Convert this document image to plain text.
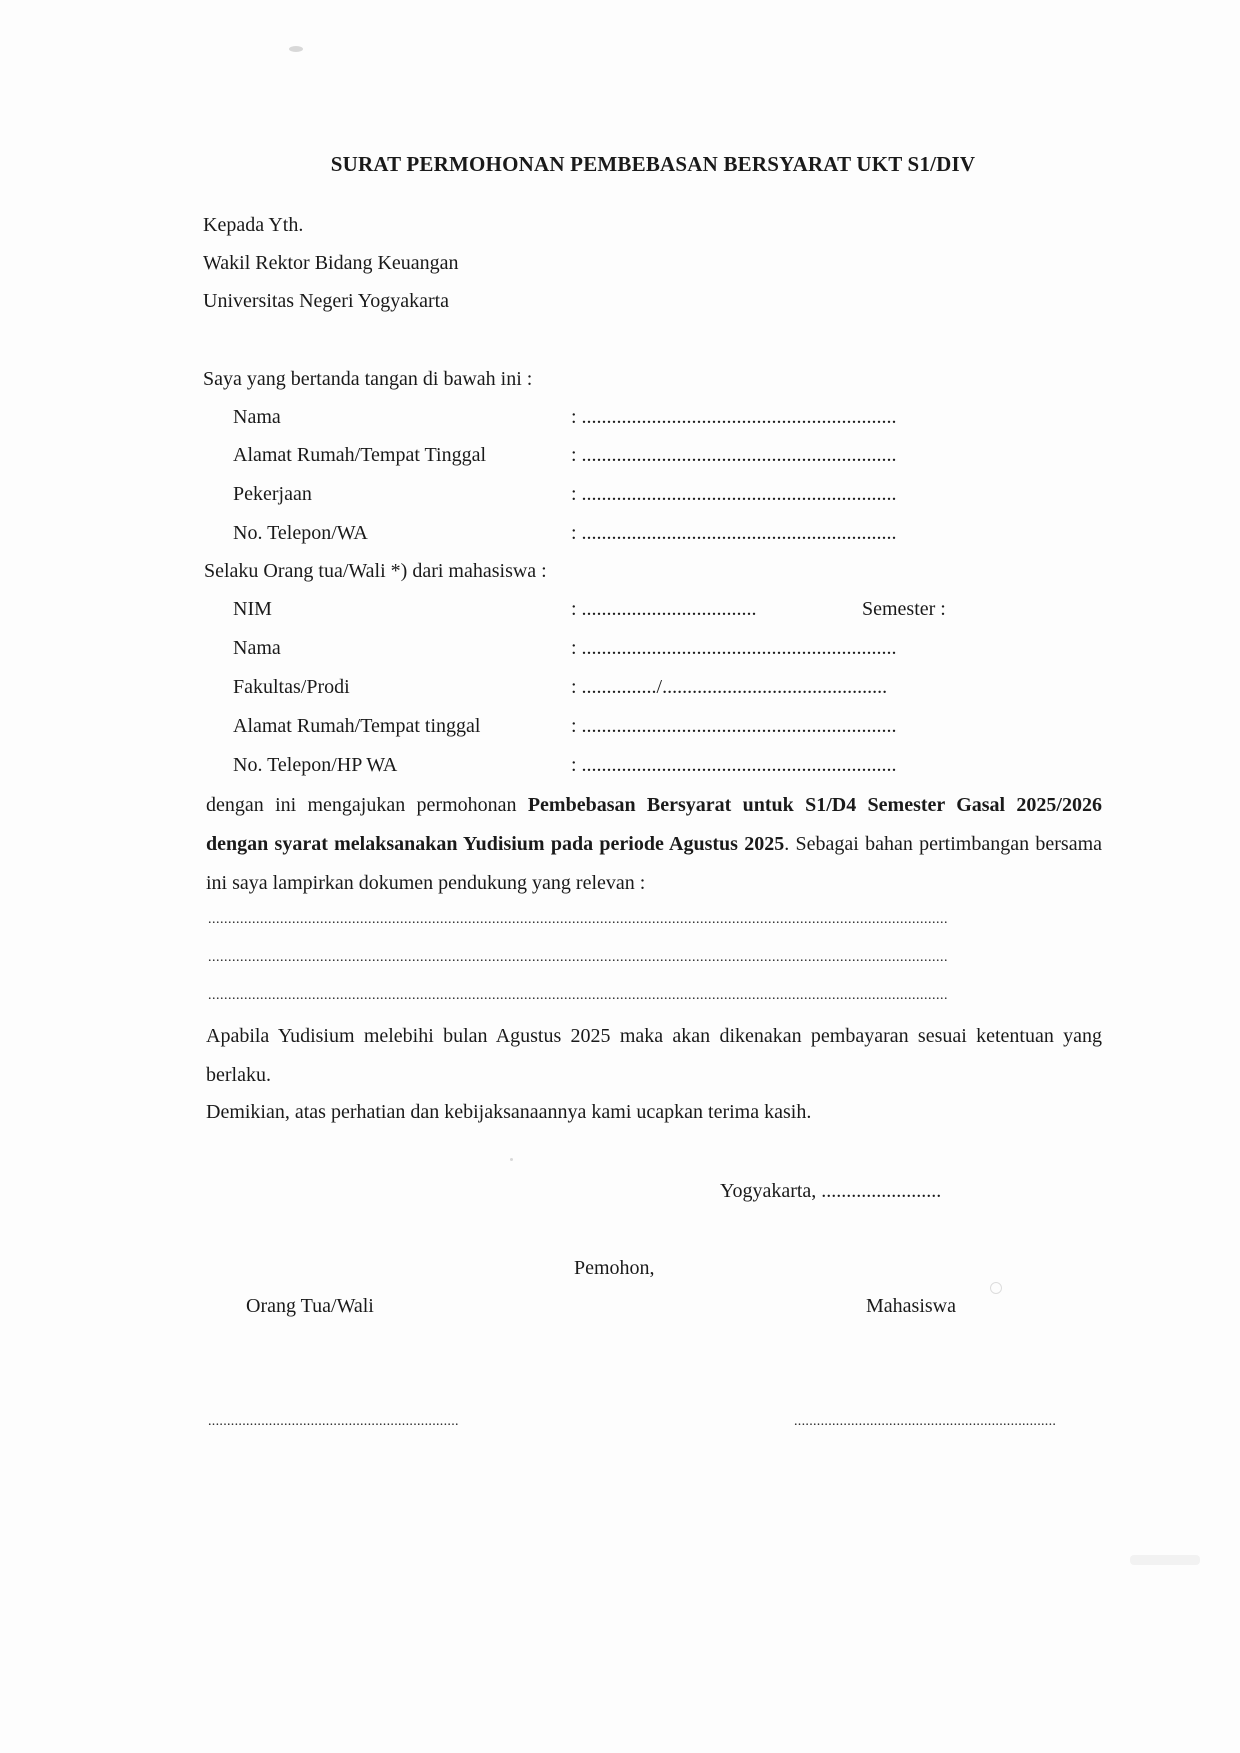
SURAT PERMOHONAN PEMBEBASAN BERSYARAT UKT S1/DIV
Kepada Yth.
Wakil Rektor Bidang Keuangan
Universitas Negeri Yogyakarta
Saya yang bertanda tangan di bawah ini :
Nama	: ...............................................................
Alamat Rumah/Tempat Tinggal	: ...............................................................
Pekerjaan	: ...............................................................
No. Telepon/WA	: ...............................................................
Selaku Orang tua/Wali *) dari mahasiswa :
NIM	: ...................................	Semester :
Nama	: ...............................................................
Fakultas/Prodi	: .............../.............................................
Alamat Rumah/Tempat tinggal	: ...............................................................
No. Telepon/HP WA	: ...............................................................
dengan ini mengajukan permohonan Pembebasan Bersyarat untuk S1/D4 Semester Gasal 2025/2026 dengan syarat melaksanakan Yudisium pada periode Agustus 2025. Sebagai bahan pertimbangan bersama ini saya lampirkan dokumen pendukung yang relevan :
.........................................................................................................................................................................................
.........................................................................................................................................................................................
.........................................................................................................................................................................................
Apabila Yudisium melebihi bulan Agustus 2025 maka akan dikenakan pembayaran sesuai ketentuan yang berlaku.
Demikian, atas perhatian dan kebijaksanaannya kami ucapkan terima kasih.
Yogyakarta, ........................
Pemohon,
Orang Tua/Wali	Mahasiswa
..................................................................	.....................................................................
